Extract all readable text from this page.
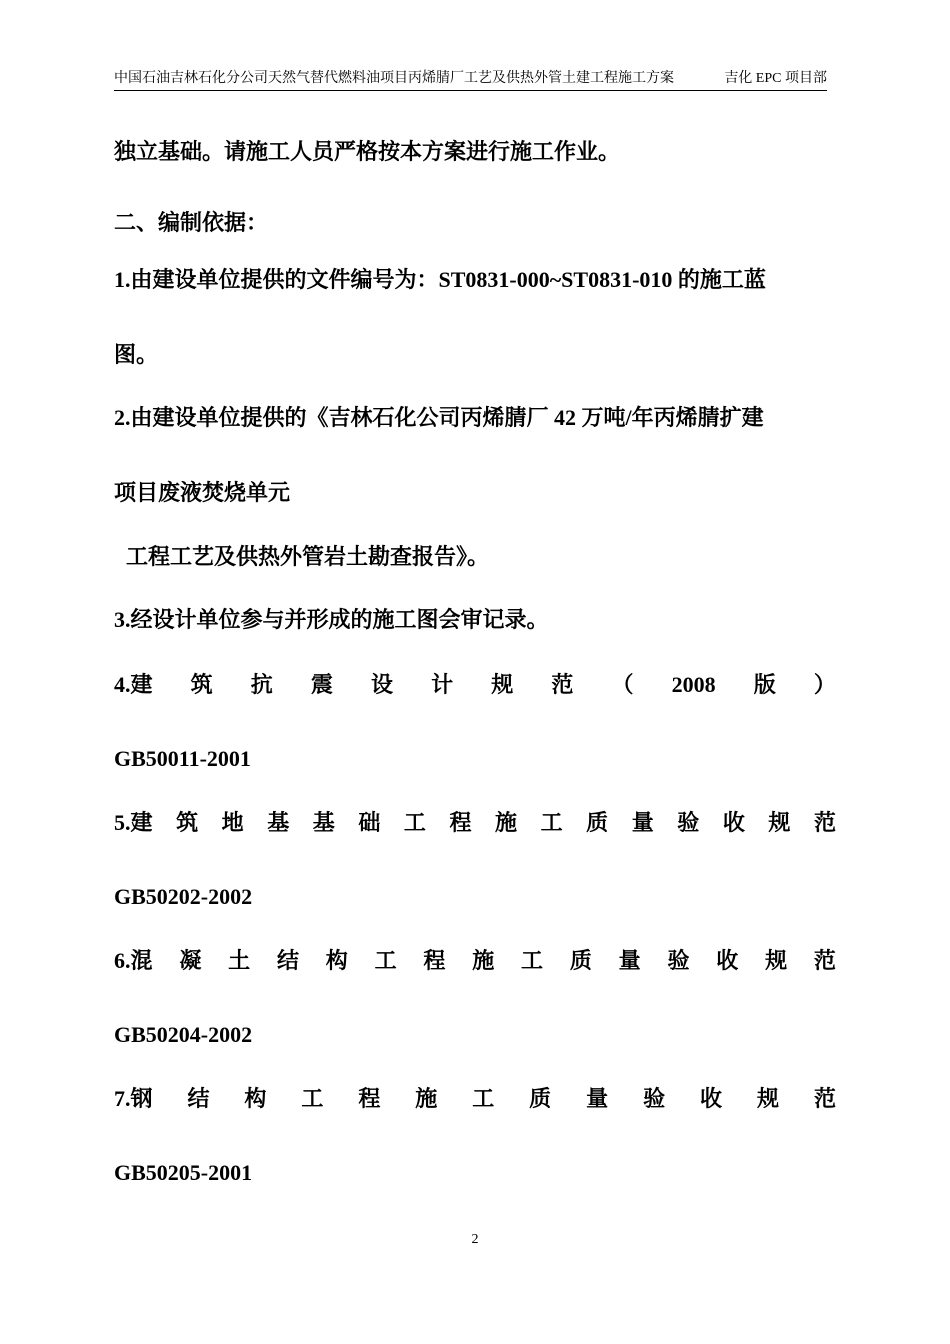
中国石油吉林石化分公司天然气替代燃料油项目丙烯腈厂工艺及供热外管土建工程施工方案	吉化 EPC 项目部
独立基础。请施工人员严格按本方案进行施工作业。
二、编制依据：
1.由建设单位提供的文件编号为：ST0831-000~ST0831-010 的施工蓝
图。
2.由建设单位提供的《吉林石化公司丙烯腈厂 42 万吨/年丙烯腈扩建
项目废液焚烧单元
工程工艺及供热外管岩土勘查报告》。
3.经设计单位参与并形成的施工图会审记录。
4.建 筑 抗 震 设 计 规 范 （ 2008 版 ）
GB50011-2001
5.建 筑 地 基 基 础 工 程 施 工 质 量 验 收 规 范
GB50202-2002
6.混 凝 土 结 构 工 程 施 工 质 量 验 收 规 范
GB50204-2002
7.钢 结 构 工 程 施 工 质 量 验 收 规 范
GB50205-2001
2
